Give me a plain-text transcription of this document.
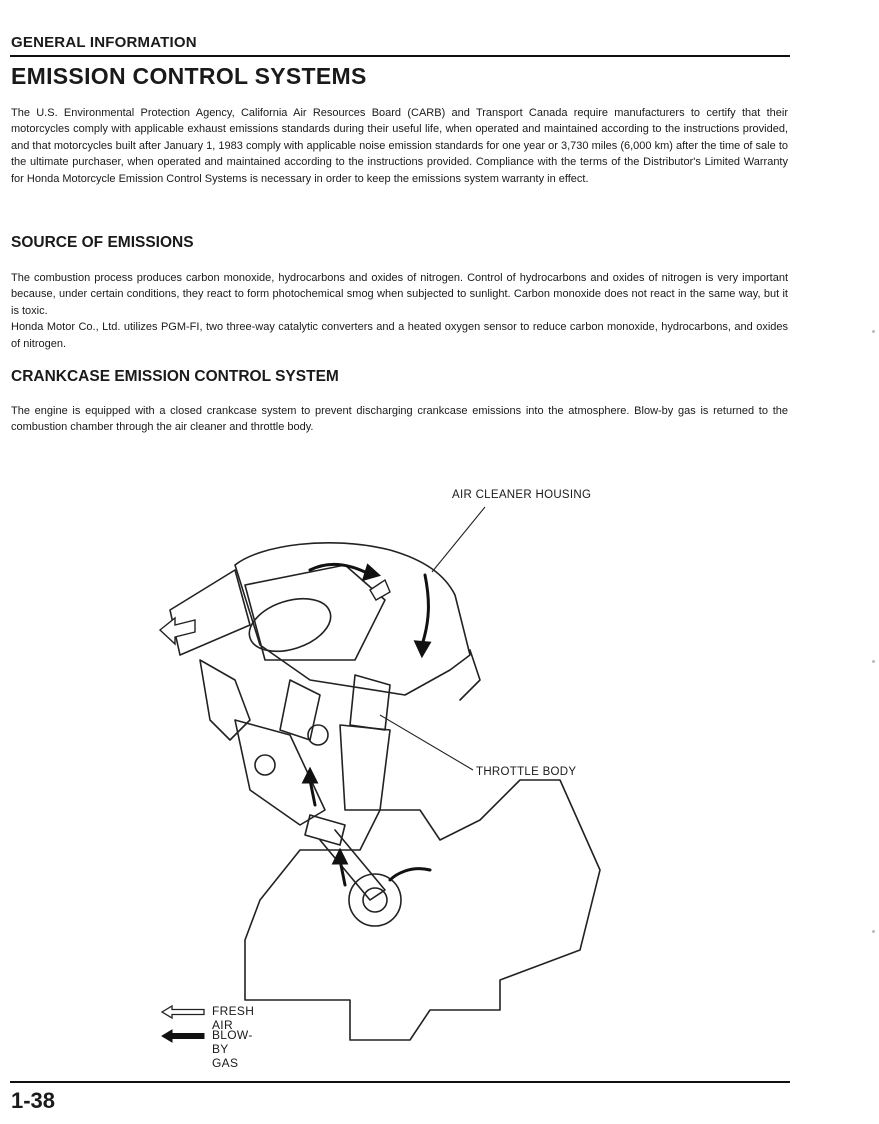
GENERAL INFORMATION
EMISSION CONTROL SYSTEMS

The U.S. Environmental Protection Agency, California Air Resources Board (CARB) and Transport Canada require manufacturers to certify that their motorcycles comply with applicable exhaust emissions standards during their useful life, when operated and maintained according to the instructions provided, and that motorcycles built after January 1, 1983 comply with applicable noise emission standards for one year or 3,730 miles (6,000 km) after the time of sale to the ultimate purchaser, when operated and maintained according to the instructions provided. Compliance with the terms of the Distributor's Limited Warranty for Honda Motorcycle Emission Control Systems is necessary in order to keep the emissions system warranty in effect.

SOURCE OF EMISSIONS
The combustion process produces carbon monoxide, hydrocarbons and oxides of nitrogen. Control of hydrocarbons and oxides of nitrogen is very important because, under certain conditions, they react to form photochemical smog when subjected to sunlight. Carbon monoxide does not react in the same way, but it is toxic.
Honda Motor Co., Ltd. utilizes PGM-FI, two three-way catalytic converters and a heated oxygen sensor to reduce carbon monoxide, hydrocarbons, and oxides of nitrogen.
CRANKCASE EMISSION CONTROL SYSTEM

The engine is equipped with a closed crankcase system to prevent discharging crankcase emissions into the atmosphere. Blow-by gas is returned to the combustion chamber through the air cleaner and throttle body.

AIR CLEANER HOUSING
THROTTLE BODY
FRESH AIR
BLOW-BY GAS
1-38
